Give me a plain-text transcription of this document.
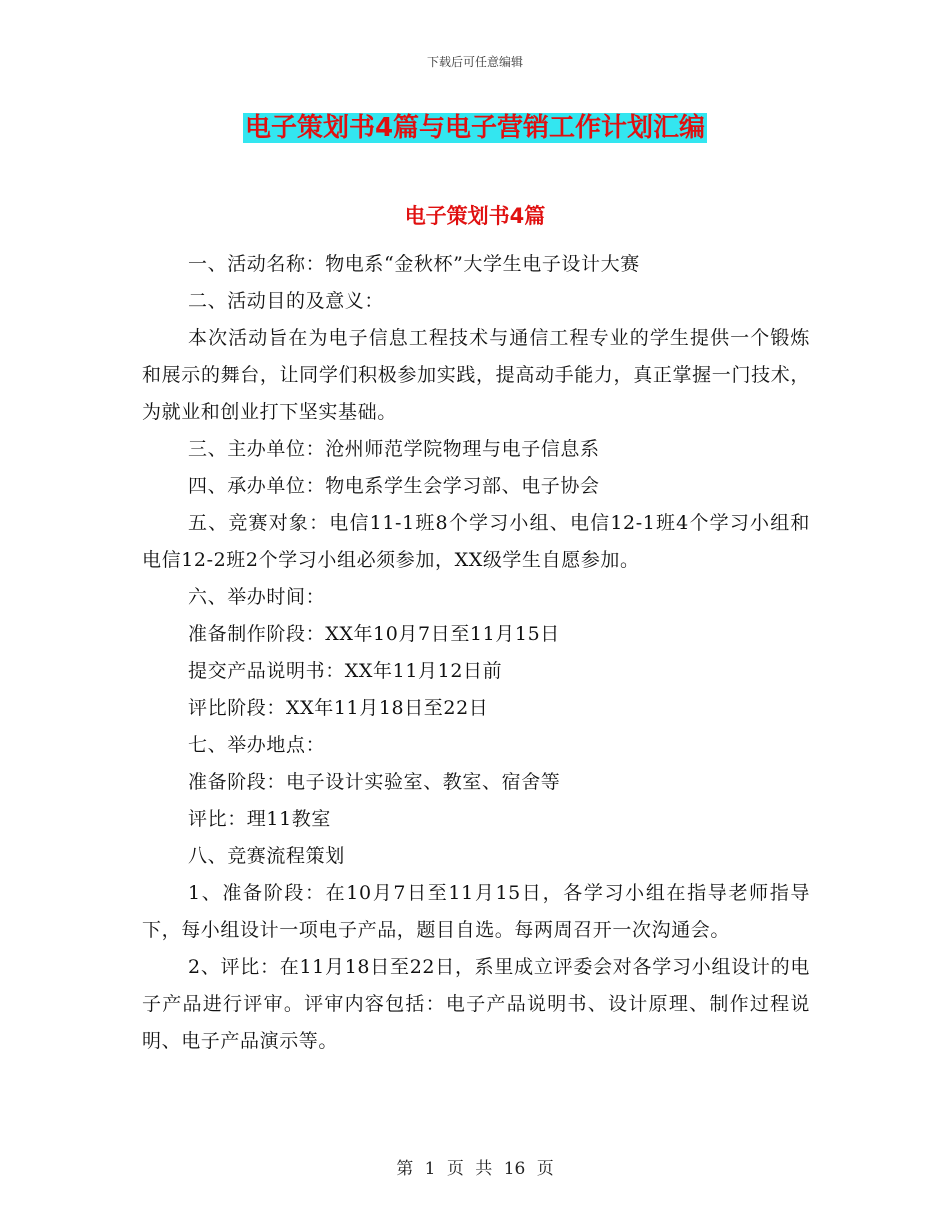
下载后可任意编辑
电子策划书4篇与电子营销工作计划汇编
电子策划书4篇

一、活动名称：物电系“金秋杯”大学生电子设计大赛

二、活动目的及意义：

本次活动旨在为电子信息工程技术与通信工程专业的学生提供一个锻炼和展示的舞台，让同学们积极参加实践，提高动手能力，真正掌握一门技术，为就业和创业打下坚实基础。

三、主办单位：沧州师范学院物理与电子信息系

四、承办单位：物电系学生会学习部、电子协会

五、竞赛对象：电信11-1班8个学习小组、电信12-1班4个学习小组和电信12-2班2个学习小组必须参加，XX级学生自愿参加。

六、举办时间：

准备制作阶段：XX年10月7日至11月15日

提交产品说明书：XX年11月12日前

评比阶段：XX年11月18日至22日

七、举办地点：

准备阶段：电子设计实验室、教室、宿舍等

评比：理11教室

八、竞赛流程策划

1、准备阶段：在10月7日至11月15日，各学习小组在指导老师指导下，每小组设计一项电子产品，题目自选。每两周召开一次沟通会。

2、评比：在11月18日至22日，系里成立评委会对各学习小组设计的电子产品进行评审。评审内容包括：电子产品说明书、设计原理、制作过程说明、电子产品演示等。

第 1 页 共 16 页
